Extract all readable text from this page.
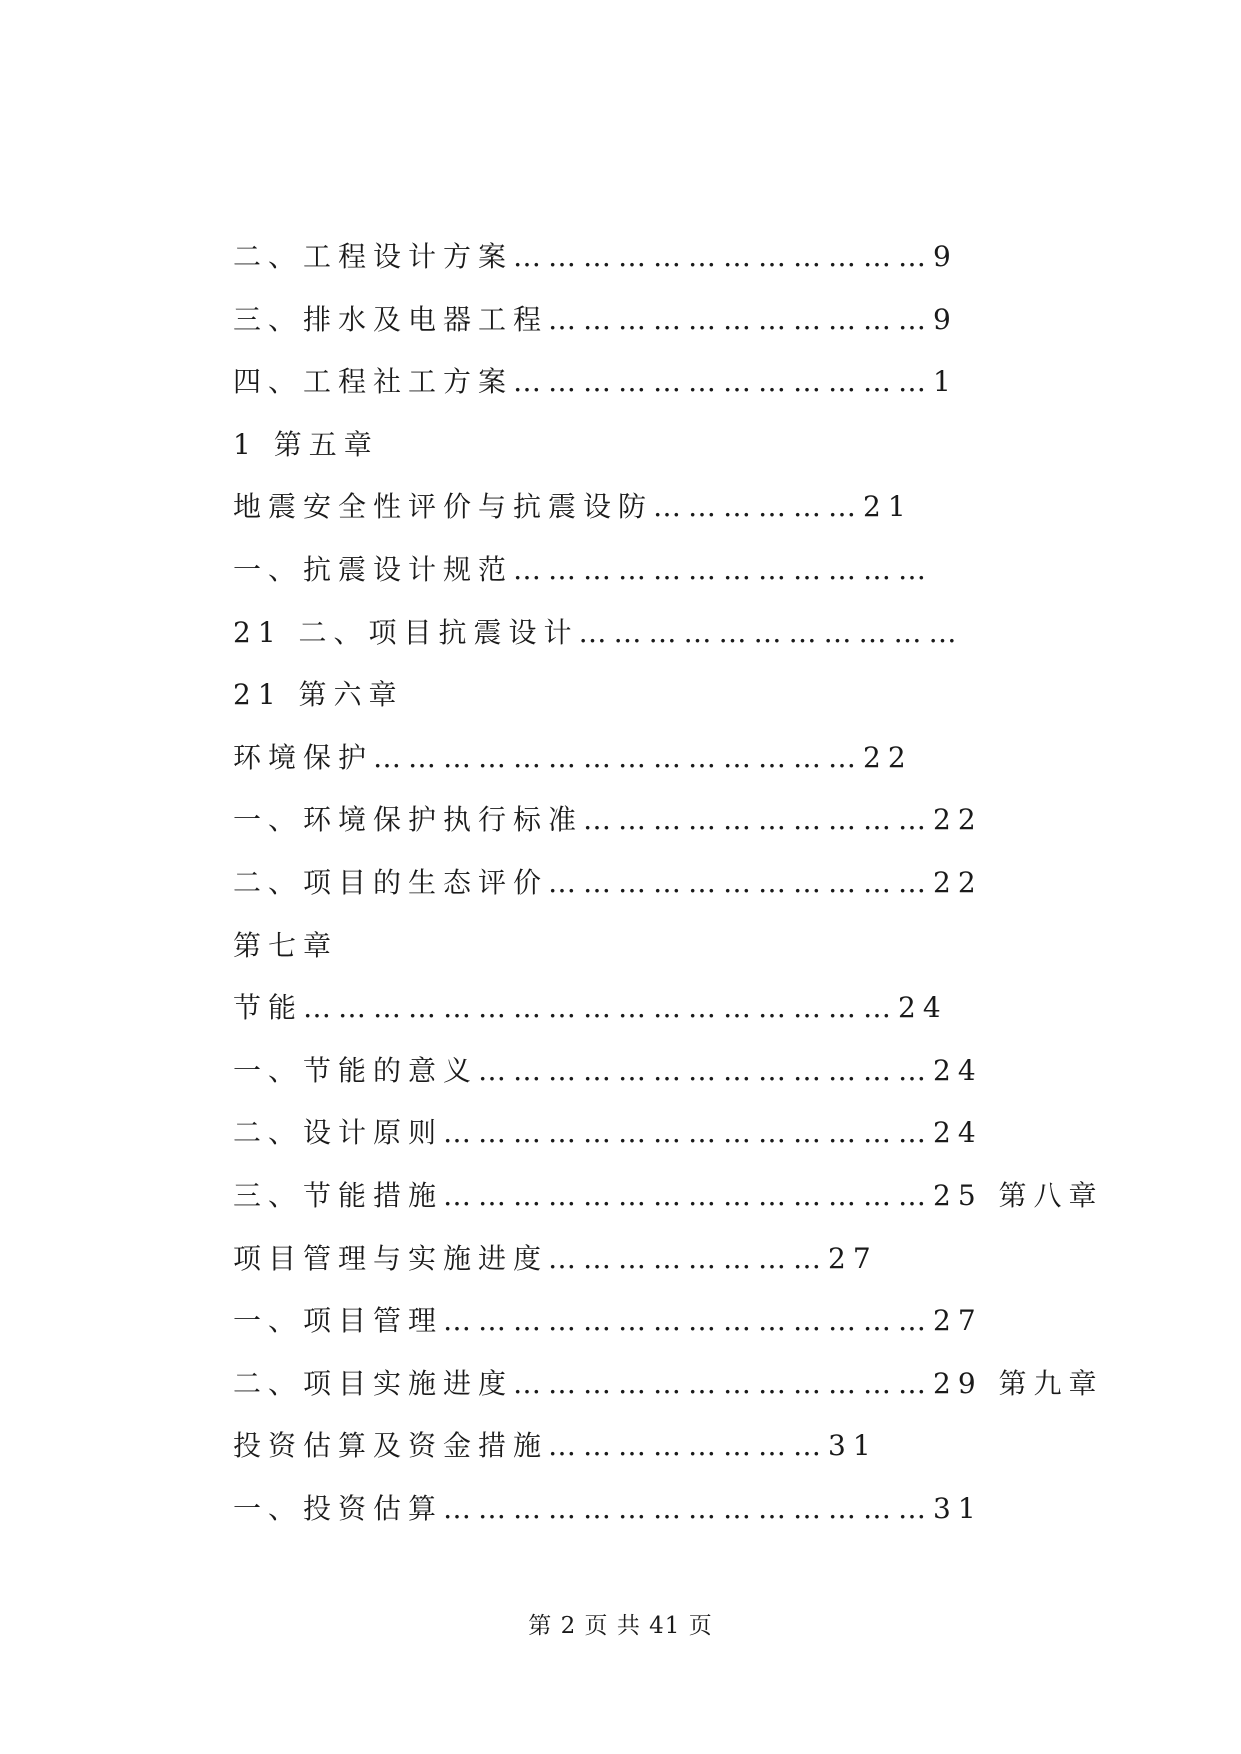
二、工程设计方案………………………………9
三、排水及电器工程……………………………9
四、工程社工方案………………………………1
1 第五章
地震安全性评价与抗震设防………………21
一、抗震设计规范………………………………
21 二、项目抗震设计……………………………
21 第六章
环境保护……………………………………22
一、环境保护执行标准…………………………22
二、项目的生态评价……………………………22
第七章
节能……………………………………………24
一、节能的意义…………………………………24
二、设计原则……………………………………24
三、节能措施……………………………………25 第八章
项目管理与实施进度……………………27
一、项目管理……………………………………27
二、项目实施进度………………………………29 第九章
投资估算及资金措施……………………31
一、投资估算……………………………………31
第 2 页 共 41 页
